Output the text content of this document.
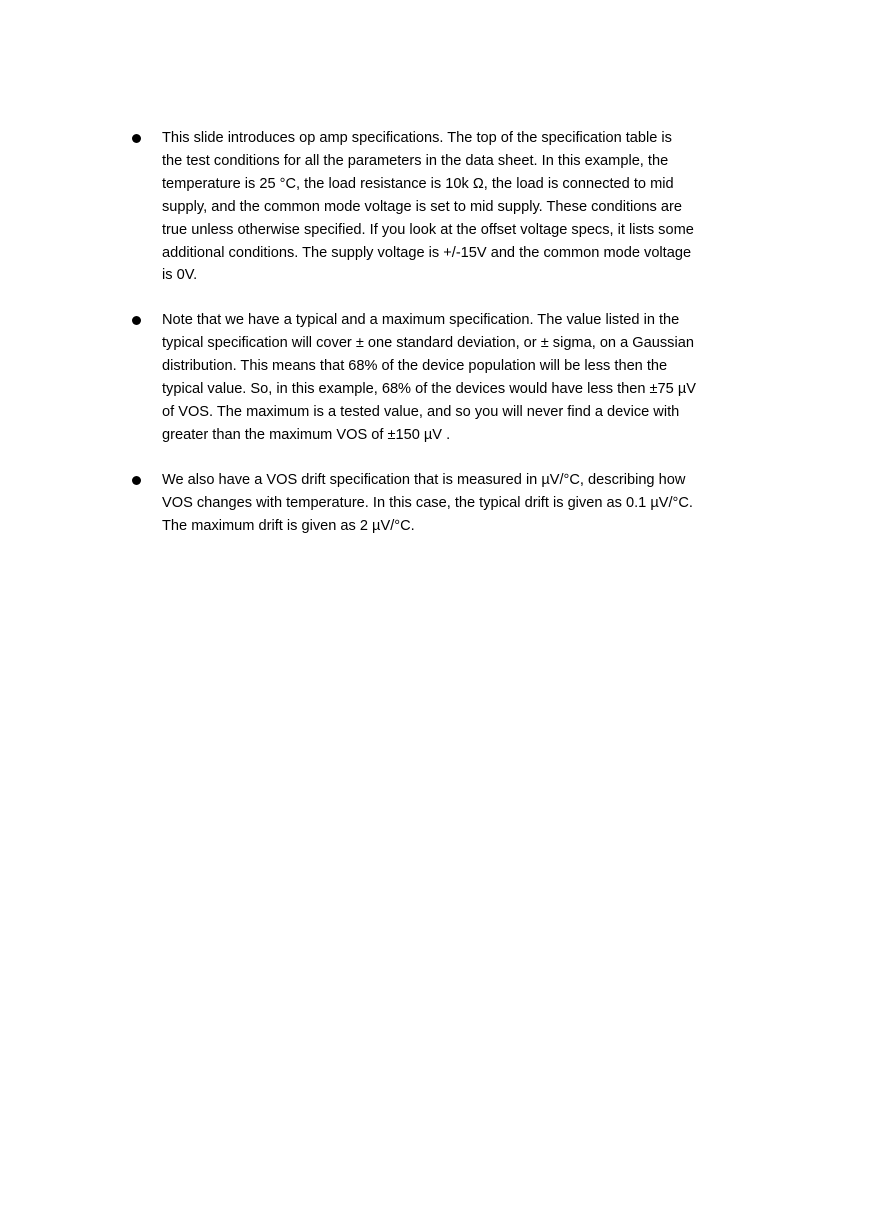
This slide introduces op amp specifications. The top of the specification table is
the test conditions for all the parameters in the data sheet. In this example, the
temperature is 25 °C, the load resistance is 10k Ω, the load is connected to mid
supply, and the common mode voltage is set to mid supply. These conditions are
true unless otherwise specified. If you look at the offset voltage specs, it lists some
additional conditions. The supply voltage is +/-15V and the common mode voltage
is 0V.
Note that we have a typical and a maximum specification. The value listed in the
typical specification will cover ± one standard deviation, or ± sigma, on a Gaussian
distribution. This means that 68% of the device population will be less then the
typical value. So, in this example, 68% of the devices would have less then ±75 µV
of VOS. The maximum is a tested value, and so you will never find a device with
greater than the maximum VOS of ±150 µV .
We also have a VOS drift specification that is measured in µV/°C, describing how
VOS changes with temperature. In this case, the typical drift is given as 0.1 µV/°C.
The maximum drift is given as 2 µV/°C.
